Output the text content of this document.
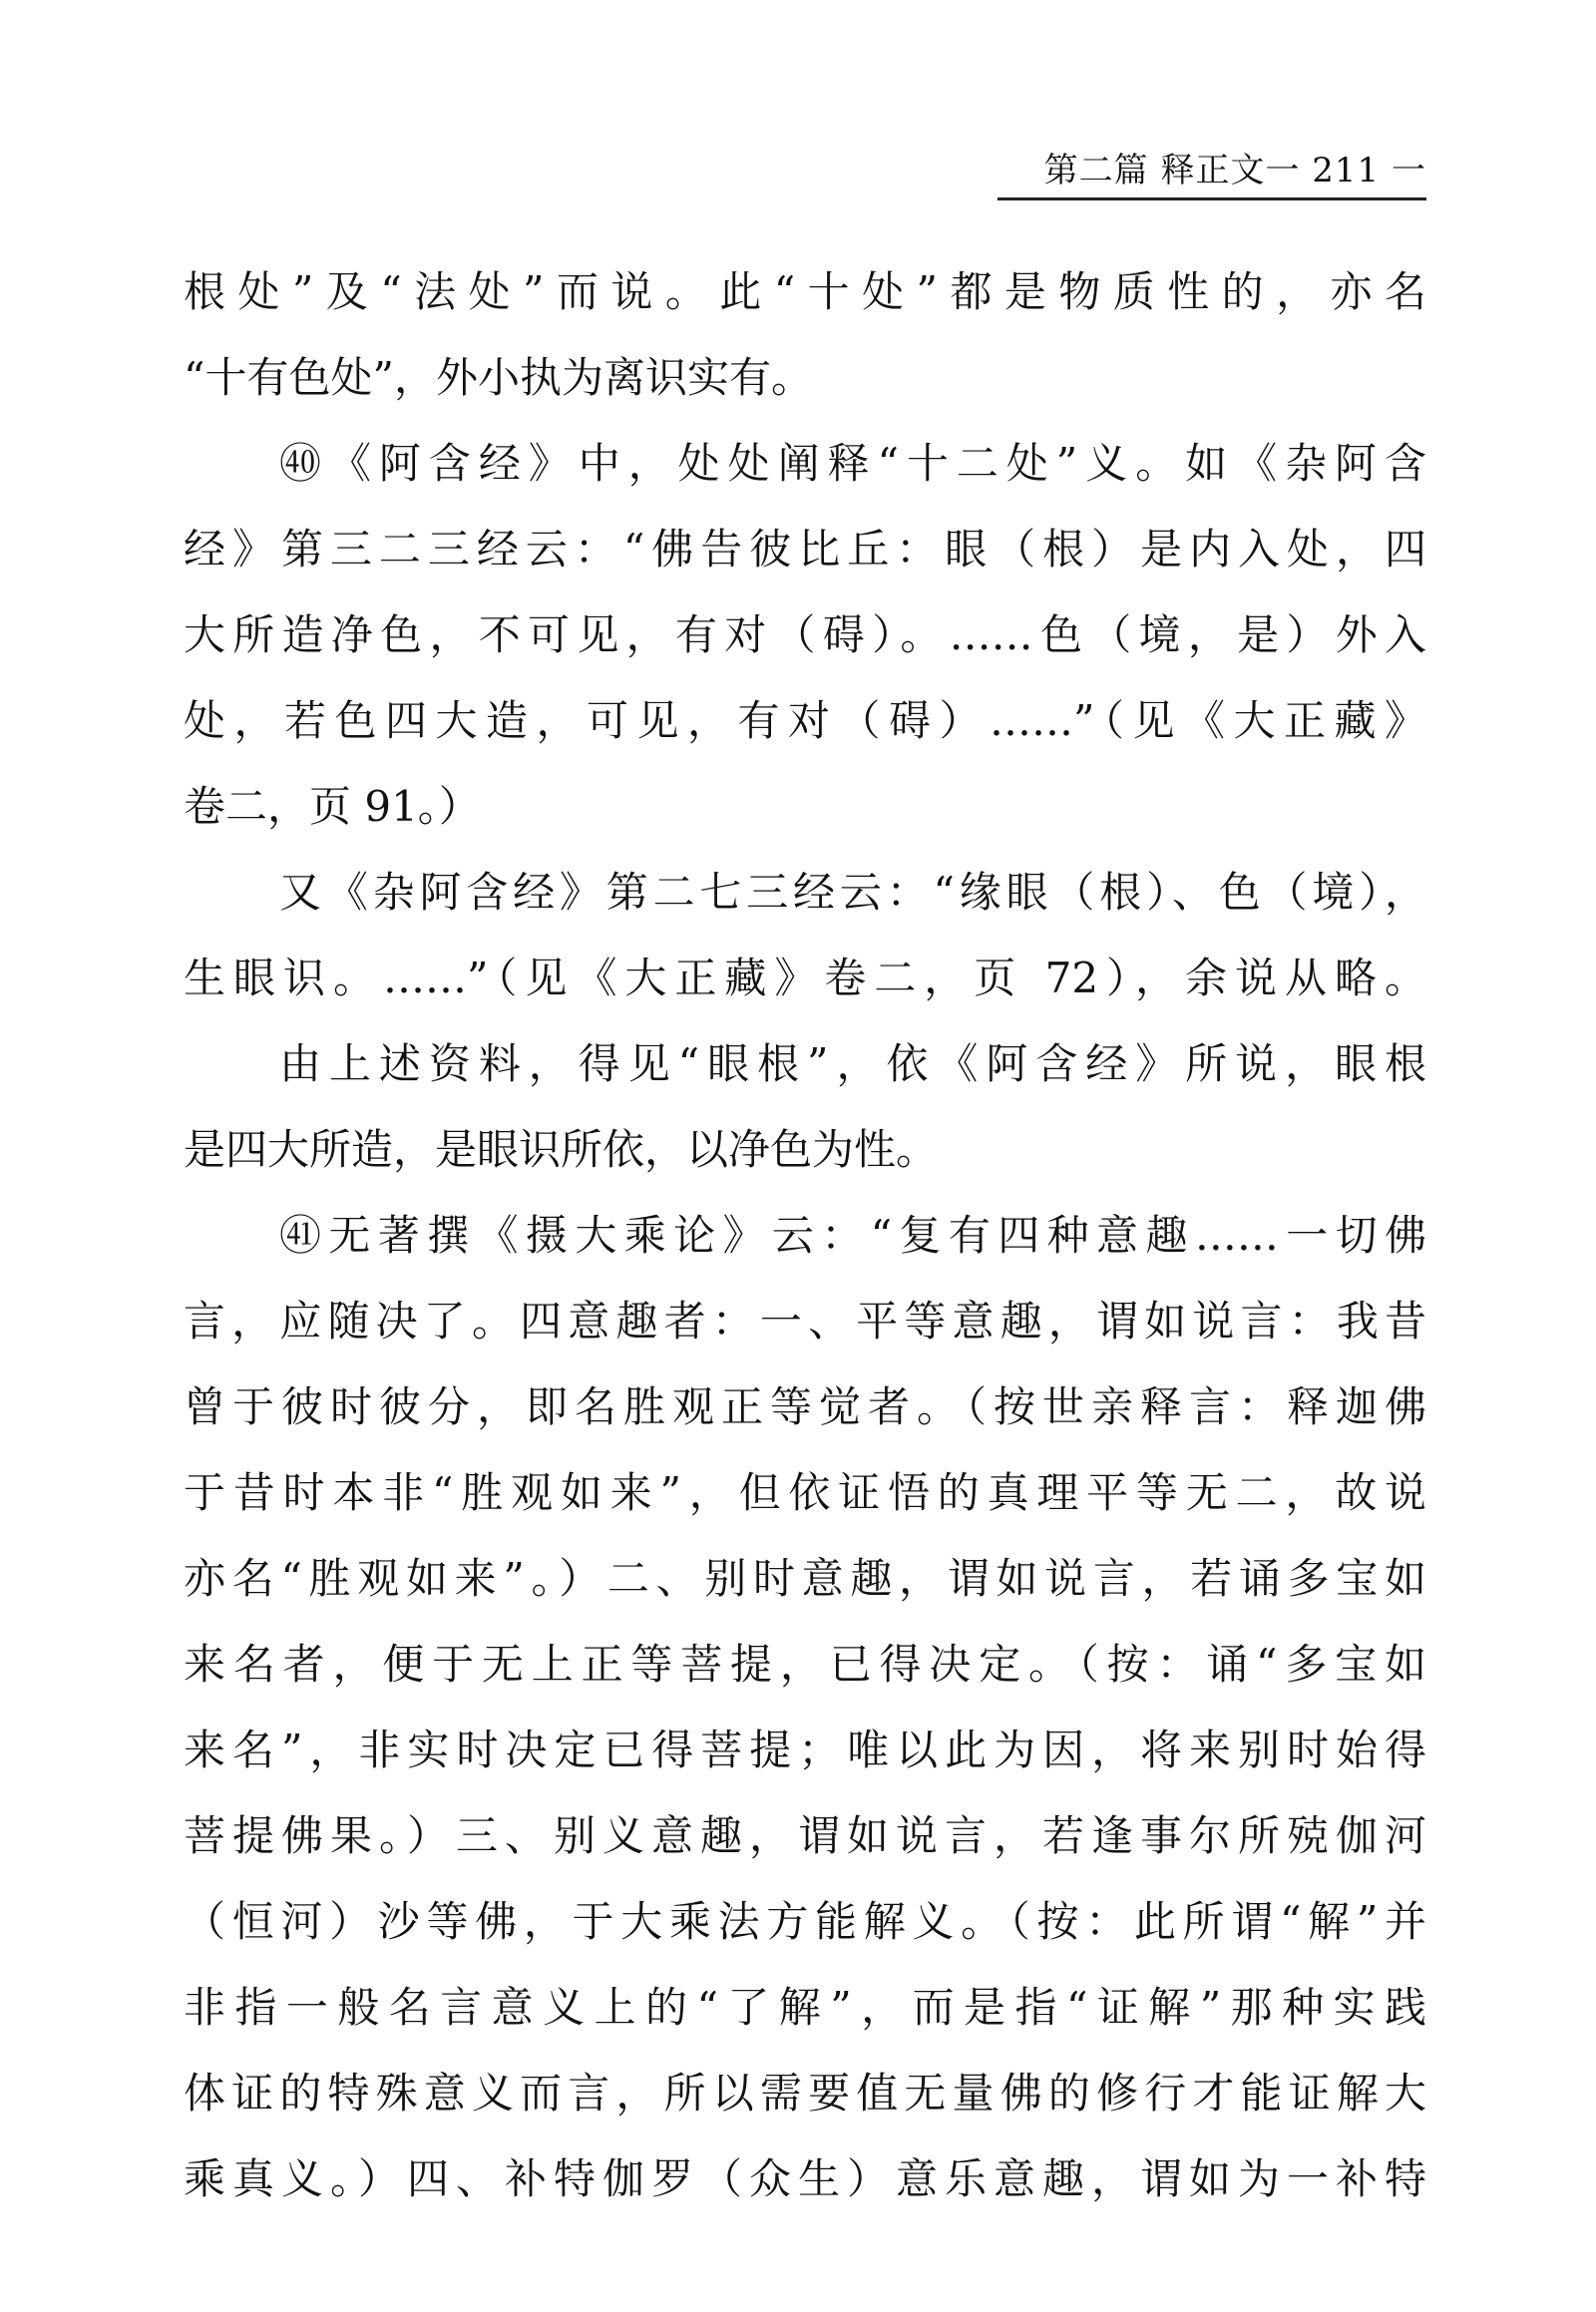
第二篇 释正文一 211 一
根处”及“法处”而说。此“十处”都是物质性的，亦名
“十有色处”，外小执为离识实有。
㊵《阿含经》中，处处阐释“十二处”义。如《杂阿含
经》第三二三经云：“佛告彼比丘：眼（根）是内入处，四
大所造净色，不可见，有对（碍）。……色（境，是）外入
处，若色四大造，可见，有对（碍）……”（见《大正藏》
卷二，页 91。）
又《杂阿含经》第二七三经云：“缘眼（根）、色（境），
生眼识。……”（见《大正藏》卷二，页 72），余说从略。
由上述资料，得见“眼根”，依《阿含经》所说，眼根
是四大所造，是眼识所依，以净色为性。
㊶无著撰《摄大乘论》云：“复有四种意趣……一切佛
言，应随决了。四意趣者：一、平等意趣，谓如说言：我昔
曾于彼时彼分，即名胜观正等觉者。（按世亲释言：释迦佛
于昔时本非“胜观如来”，但依证悟的真理平等无二，故说
亦名“胜观如来”。）二、别时意趣，谓如说言，若诵多宝如
来名者，便于无上正等菩提，已得决定。（按：诵“多宝如
来名”，非实时决定已得菩提；唯以此为因，将来别时始得
菩提佛果。）三、别义意趣，谓如说言，若逢事尔所殑伽河
（恒河）沙等佛，于大乘法方能解义。（按：此所谓“解”并
非指一般名言意义上的“了解”，而是指“证解”那种实践
体证的特殊意义而言，所以需要值无量佛的修行才能证解大
乘真义。）四、补特伽罗（众生）意乐意趣，谓如为一补特
